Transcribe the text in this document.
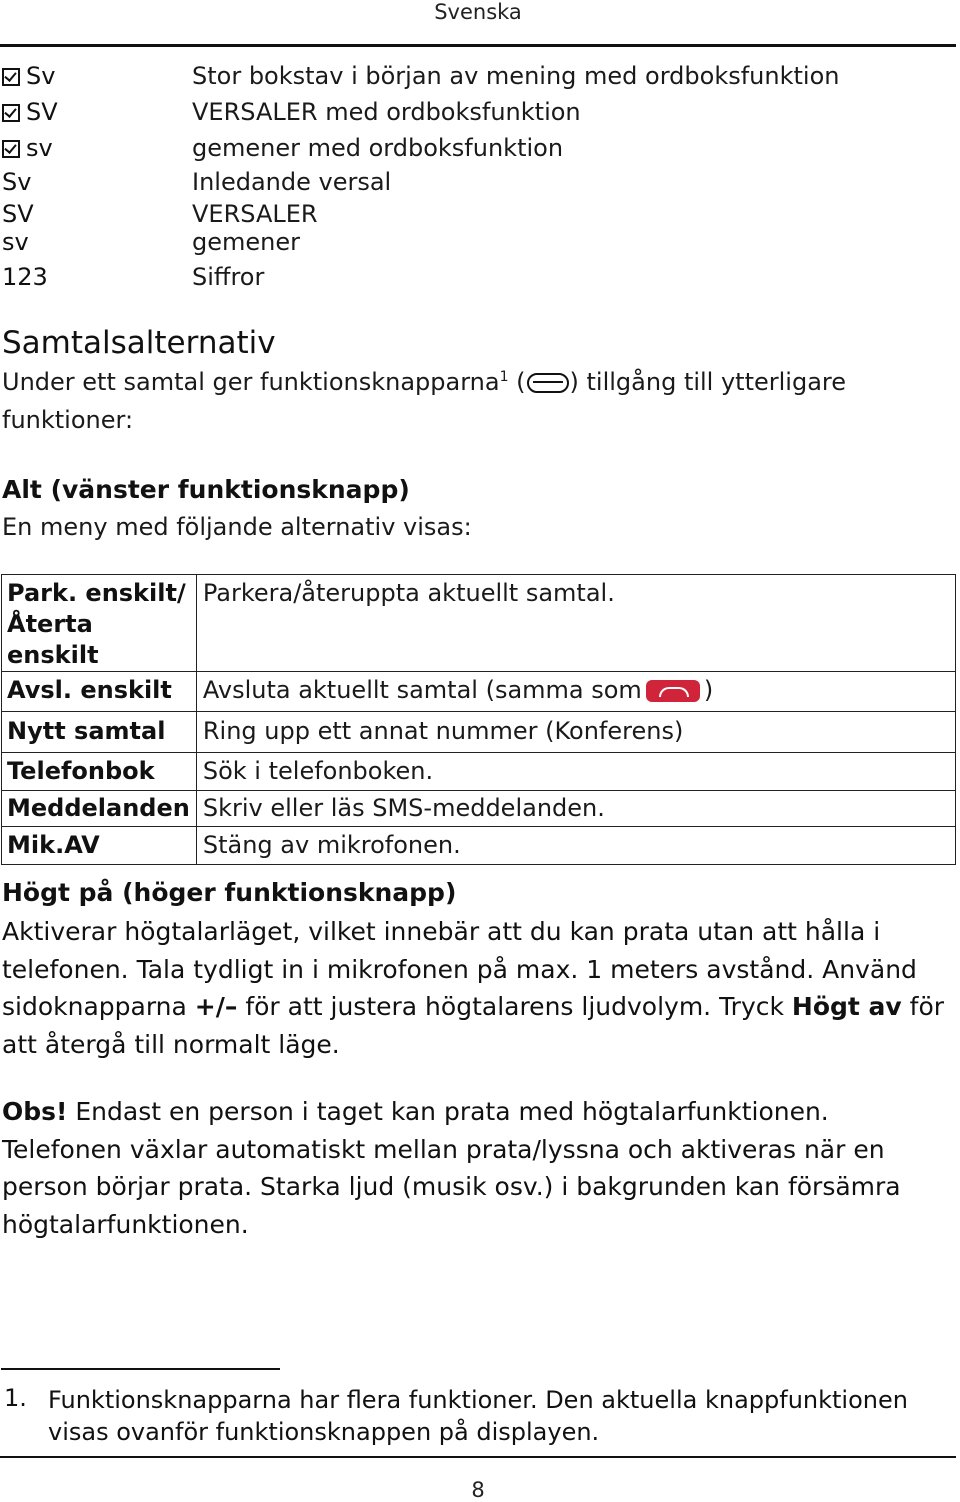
Svenska
Sv	Stor bokstav i början av mening med ordboksfunktion
SV	VERSALER med ordboksfunktion
sv	gemener med ordboksfunktion
Sv	Inledande versal
SV	VERSALER
sv	gemener
123	Siffror
Samtalsalternativ
Under ett samtal ger funktionsknapparna$^1$ ( ) tillgång till ytterligare
funktioner:
Alt (vänster funktionsknapp)
En meny med följande alternativ visas:
Park. enskilt/ Återta enskilt	Parkera/återuppta aktuellt samtal.
Avsl. enskilt	Avsluta aktuellt samtal (samma som )
Nytt samtal	Ring upp ett annat nummer (Konferens)
Telefonbok	Sök i telefonboken.
Meddelanden	Skriv eller läs SMS-meddelanden.
Mik.AV	Stäng av mikrofonen.
Högt på (höger funktionsknapp)
Aktiverar högtalarläget, vilket innebär att du kan prata utan att hålla i telefonen. Tala tydligt in i mikrofonen på max. 1 meters avstånd. Använd sidoknapparna +/– för att justera högtalarens ljudvolym. Tryck Högt av för att återgå till normalt läge.
Obs! Endast en person i taget kan prata med högtalarfunktionen. Telefonen växlar automatiskt mellan prata/lyssna och aktiveras när en person börjar prata. Starka ljud (musik osv.) i bakgrunden kan försämra högtalarfunktionen.
1. Funktionsknapparna har flera funktioner. Den aktuella knappfunktionen visas ovanför funktionsknappen på displayen.
8
